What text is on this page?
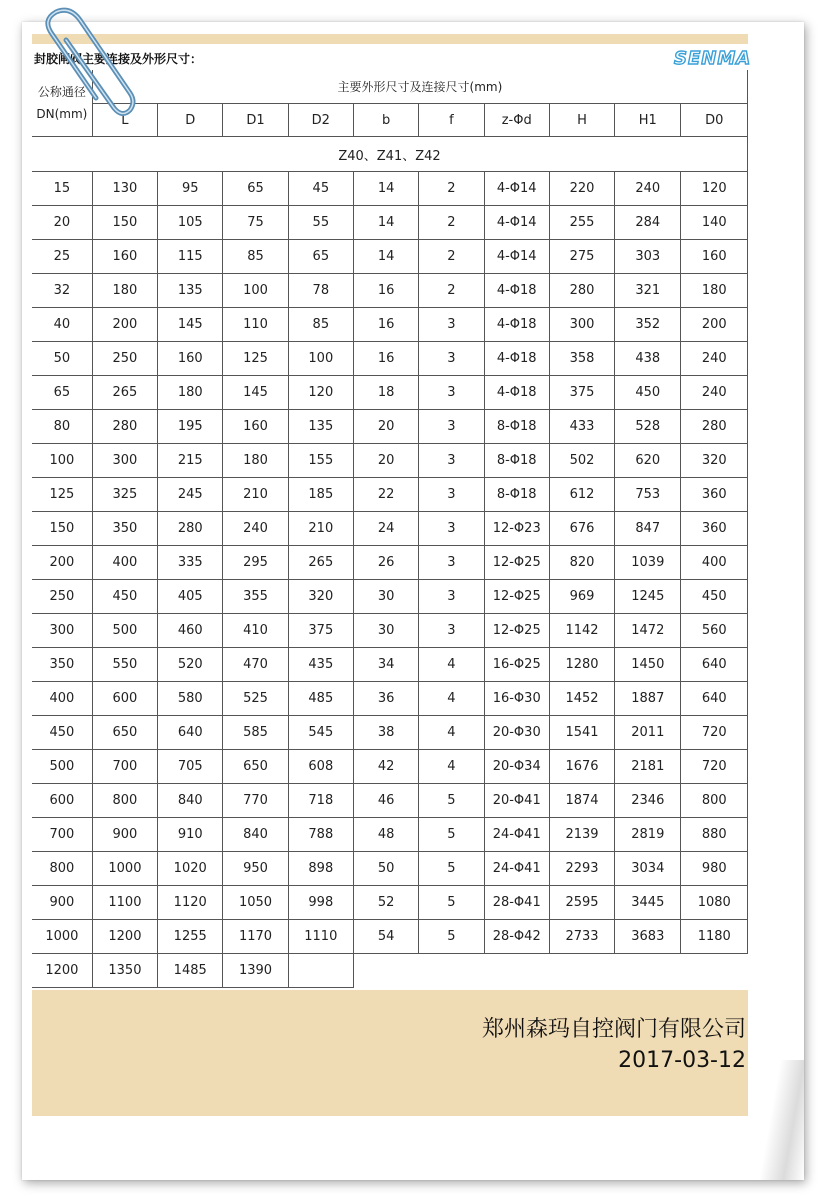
封胶闸阀主要连接及外形尺寸：	SENMA
公称通径
DN(mm)	主要外形尺寸及连接尺寸(mm)									
	L	D	D1	D2	b	f	z-Φd	H	H1	D0
Z40、Z41、Z42										
15	130	95	65	45	14	2	4-Φ14	220	240	120
20	150	105	75	55	14	2	4-Φ14	255	284	140
25	160	115	85	65	14	2	4-Φ14	275	303	160
32	180	135	100	78	16	2	4-Φ18	280	321	180
40	200	145	110	85	16	3	4-Φ18	300	352	200
50	250	160	125	100	16	3	4-Φ18	358	438	240
65	265	180	145	120	18	3	4-Φ18	375	450	240
80	280	195	160	135	20	3	8-Φ18	433	528	280
100	300	215	180	155	20	3	8-Φ18	502	620	320
125	325	245	210	185	22	3	8-Φ18	612	753	360
150	350	280	240	210	24	3	12-Φ23	676	847	360
200	400	335	295	265	26	3	12-Φ25	820	1039	400
250	450	405	355	320	30	3	12-Φ25	969	1245	450
300	500	460	410	375	30	3	12-Φ25	1142	1472	560
350	550	520	470	435	34	4	16-Φ25	1280	1450	640
400	600	580	525	485	36	4	16-Φ30	1452	1887	640
450	650	640	585	545	38	4	20-Φ30	1541	2011	720
500	700	705	650	608	42	4	20-Φ34	1676	2181	720
600	800	840	770	718	46	5	20-Φ41	1874	2346	800
700	900	910	840	788	48	5	24-Φ41	2139	2819	880
800	1000	1020	950	898	50	5	24-Φ41	2293	3034	980
900	1100	1120	1050	998	52	5	28-Φ41	2595	3445	1080
1000	1200	1255	1170	1110	54	5	28-Φ42	2733	3683	1180
1200	1350	1485	1390							
郑州森玛自控阀门有限公司
2017-03-12
